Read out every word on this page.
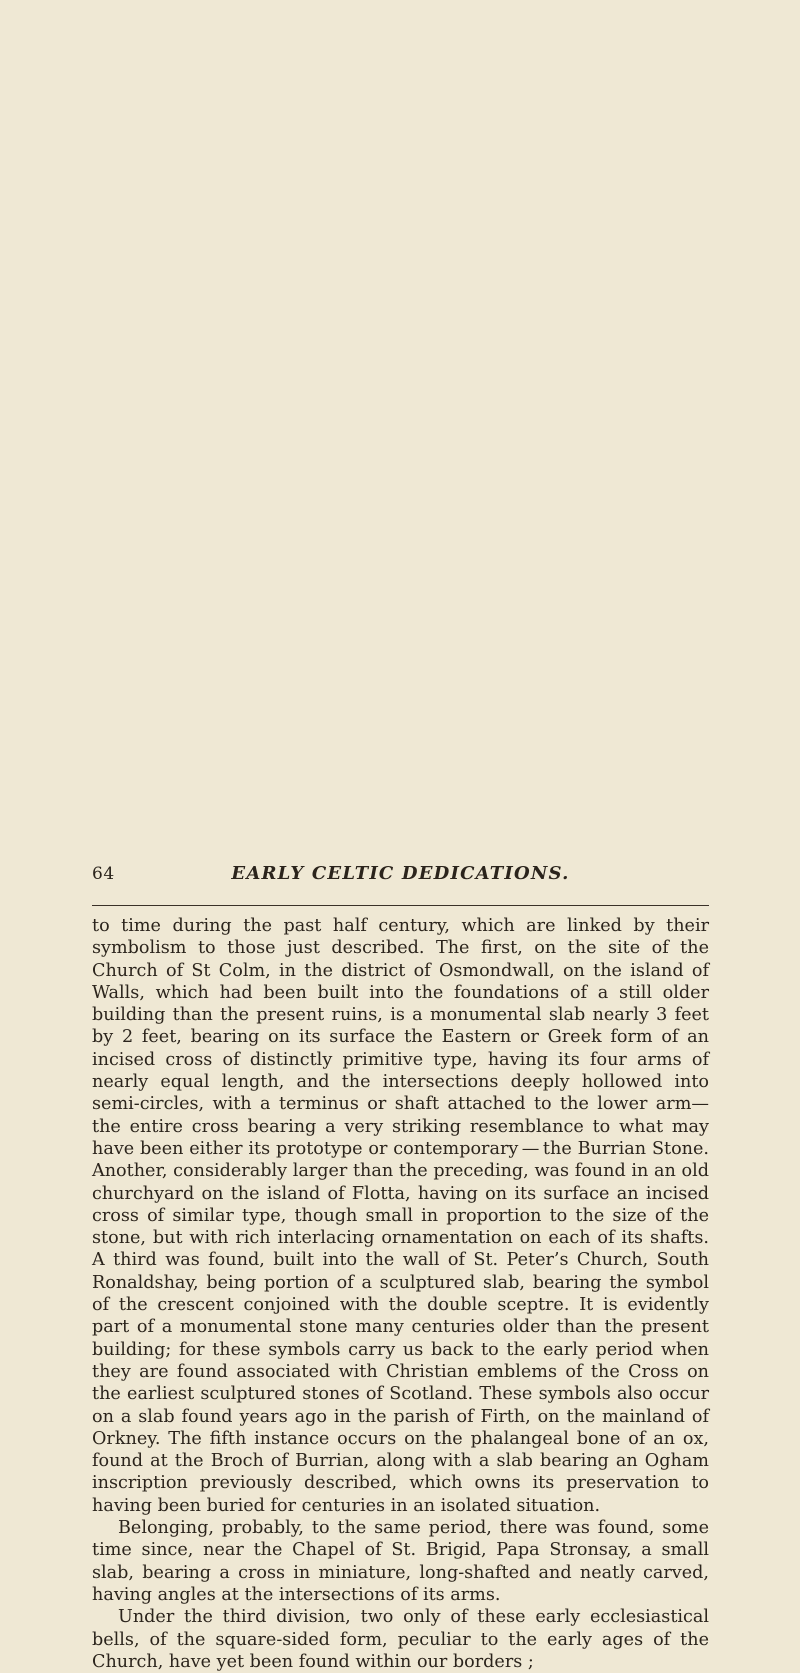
64	EARLY CELTIC DEDICATIONS.

to time during the past half century, which are linked by their symbolism to those just described. The first, on the site of the Church of St Colm, in the district of Osmondwall, on the island of Walls, which had been built into the foundations of a still older building than the present ruins, is a monumental slab nearly 3 feet by 2 feet, bearing on its surface the Eastern or Greek form of an incised cross of distinctly primitive type, having its four arms of nearly equal length, and the intersections deeply hollowed into semi-circles, with a terminus or shaft attached to the lower arm—the entire cross bearing a very striking resemblance to what may have been either its prototype or contemporary — the Burrian Stone. Another, considerably larger than the preceding, was found in an old churchyard on the island of Flotta, having on its surface an incised cross of similar type, though small in proportion to the size of the stone, but with rich interlacing ornamentation on each of its shafts. A third was found, built into the wall of St. Peter’s Church, South Ronaldshay, being portion of a sculptured slab, bearing the symbol of the crescent conjoined with the double sceptre. It is evidently part of a monumental stone many centuries older than the present building; for these symbols carry us back to the early period when they are found associated with Christian emblems of the Cross on the earliest sculptured stones of Scotland. These symbols also occur on a slab found years ago in the parish of Firth, on the mainland of Orkney. The fifth instance occurs on the phalangeal bone of an ox, found at the Broch of Burrian, along with a slab bearing an Ogham inscription previously described, which owns its preservation to having been buried for centuries in an isolated situation.

Belonging, probably, to the same period, there was found, some time since, near the Chapel of St. Brigid, Papa Stronsay, a small slab, bearing a cross in miniature, long-shafted and neatly carved, having angles at the intersections of its arms.

Under the third division, two only of these early ecclesiastical bells, of the square-sided form, peculiar to the early ages of the Church, have yet been found within our borders ;
